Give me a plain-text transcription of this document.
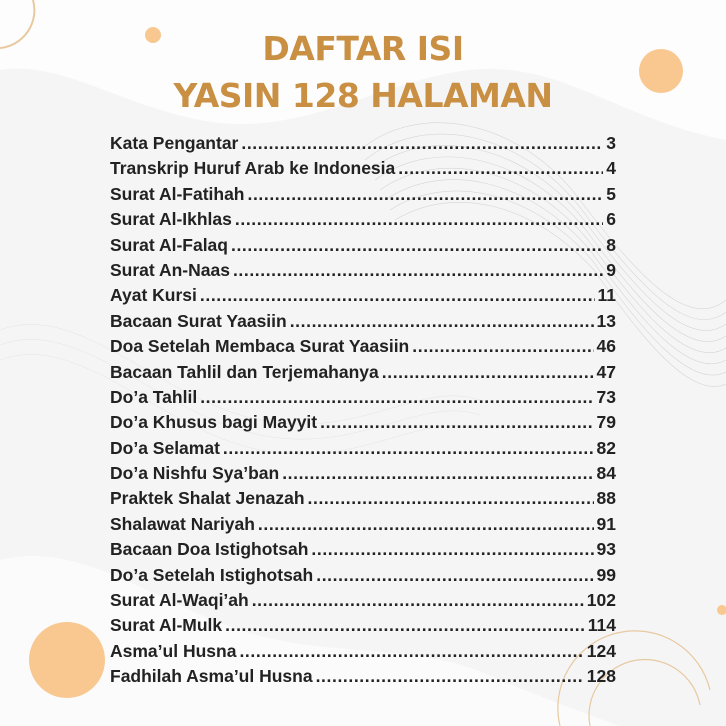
DAFTAR ISI
YASIN 128 HALAMAN
Kata Pengantar .....	3
Transkrip Huruf Arab ke Indonesia .....	4
Surat Al-Fatihah .....	5
Surat Al-Ikhlas .....	6
Surat Al-Falaq .....	8
Surat An-Naas .....	9
Ayat Kursi .....	11
Bacaan Surat Yaasiin .....	13
Doa Setelah Membaca Surat Yaasiin .....	46
Bacaan Tahlil dan Terjemahanya .....	47
Do’a Tahlil .....	73
Do’a Khusus bagi Mayyit .....	79
Do’a Selamat .....	82
Do’a Nishfu Sya’ban .....	84
Praktek Shalat Jenazah .....	88
Shalawat Nariyah .....	91
Bacaan Doa Istighotsah .....	93
Do’a Setelah Istighotsah .....	99
Surat Al-Waqi’ah .....	102
Surat Al-Mulk .....	114
Asma’ul Husna .....	124
Fadhilah Asma’ul Husna .....	128
